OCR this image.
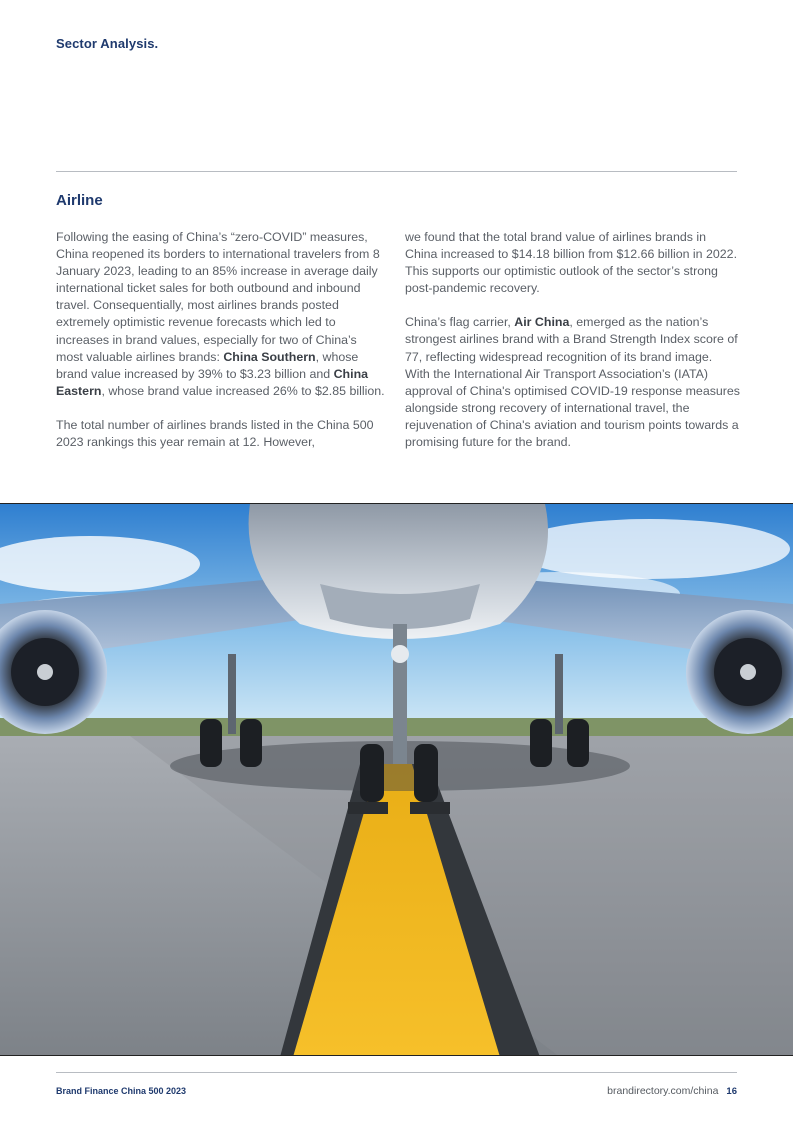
Sector Analysis.
Airline

Following the easing of China’s “zero-COVID” measures, China reopened its borders to international travelers from 8 January 2023, leading to an 85% increase in average daily international ticket sales for both outbound and inbound travel. Consequentially, most airlines brands posted extremely optimistic revenue forecasts which led to increases in brand values, especially for two of China’s most valuable airlines brands: China Southern, whose brand value increased by 39% to $3.23 billion and China Eastern, whose brand value increased 26% to $2.85 billion.

The total number of airlines brands listed in the China 500 2023 rankings this year remain at 12. However,

we found that the total brand value of airlines brands in China increased to $14.18 billion from $12.66 billion in 2022. This supports our optimistic outlook of the sector’s strong post-pandemic recovery.

China’s flag carrier, Air China, emerged as the nation’s strongest airlines brand with a Brand Strength Index score of 77, reflecting widespread recognition of its brand image. With the International Air Transport Association’s (IATA) approval of China's optimised COVID-19 response measures alongside strong recovery of international travel, the rejuvenation of China's aviation and tourism points towards a promising future for the brand.

Brand Finance China 500 2023	brandirectory.com/china 16
